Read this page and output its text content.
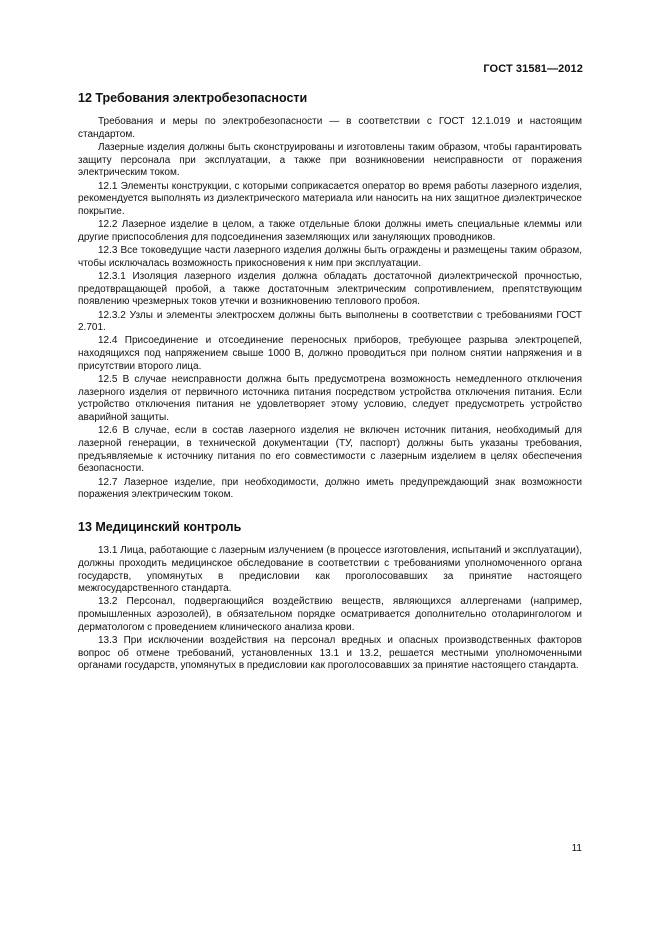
ГОСТ 31581—2012
12 Требования электробезопасности

Требования и меры по электробезопасности — в соответствии с ГОСТ 12.1.019 и настоящим стандартом.

Лазерные изделия должны быть сконструированы и изготовлены таким образом, чтобы гарантировать защиту персонала при эксплуатации, а также при возникновении неисправности от поражения электрическим током.

12.1 Элементы конструкции, с которыми соприкасается оператор во время работы лазерного изделия, рекомендуется выполнять из диэлектрического материала или наносить на них защитное диэлектрическое покрытие.

12.2 Лазерное изделие в целом, а также отдельные блоки должны иметь специальные клеммы или другие приспособления для подсоединения заземляющих или зануляющих проводников.

12.3 Все токоведущие части лазерного изделия должны быть ограждены и размещены таким образом, чтобы исключалась возможность прикосновения к ним при эксплуатации.

12.3.1 Изоляция лазерного изделия должна обладать достаточной диэлектрической прочностью, предотвращающей пробой, а также достаточным электрическим сопротивлением, препятствующим появлению чрезмерных токов утечки и возникновению теплового пробоя.

12.3.2 Узлы и элементы электросхем должны быть выполнены в соответствии с требованиями ГОСТ 2.701.

12.4 Присоединение и отсоединение переносных приборов, требующее разрыва электроцепей, находящихся под напряжением свыше 1000 В, должно проводиться при полном снятии напряжения и в присутствии второго лица.

12.5 В случае неисправности должна быть предусмотрена возможность немедленного отключения лазерного изделия от первичного источника питания посредством устройства отключения питания. Если устройство отключения питания не удовлетворяет этому условию, следует предусмотреть устройство аварийной защиты.

12.6 В случае, если в состав лазерного изделия не включен источник питания, необходимый для лазерной генерации, в технической документации (ТУ, паспорт) должны быть указаны требования, предъявляемые к источнику питания по его совместимости с лазерным изделием в целях обеспечения безопасности.

12.7 Лазерное изделие, при необходимости, должно иметь предупреждающий знак возможности поражения электрическим током.

13 Медицинский контроль

13.1 Лица, работающие с лазерным излучением (в процессе изготовления, испытаний и эксплуатации), должны проходить медицинское обследование в соответствии с требованиями уполномоченного органа государств, упомянутых в предисловии как проголосовавших за принятие настоящего межгосударственного стандарта.

13.2 Персонал, подвергающийся воздействию веществ, являющихся аллергенами (например, промышленных аэрозолей), в обязательном порядке осматривается дополнительно отоларингологом и дерматологом с проведением клинического анализа крови.

13.3 При исключении воздействия на персонал вредных и опасных производственных факторов вопрос об отмене требований, установленных 13.1 и 13.2, решается местными уполномоченными органами государств, упомянутых в предисловии как проголосовавших за принятие настоящего стандарта.

11
